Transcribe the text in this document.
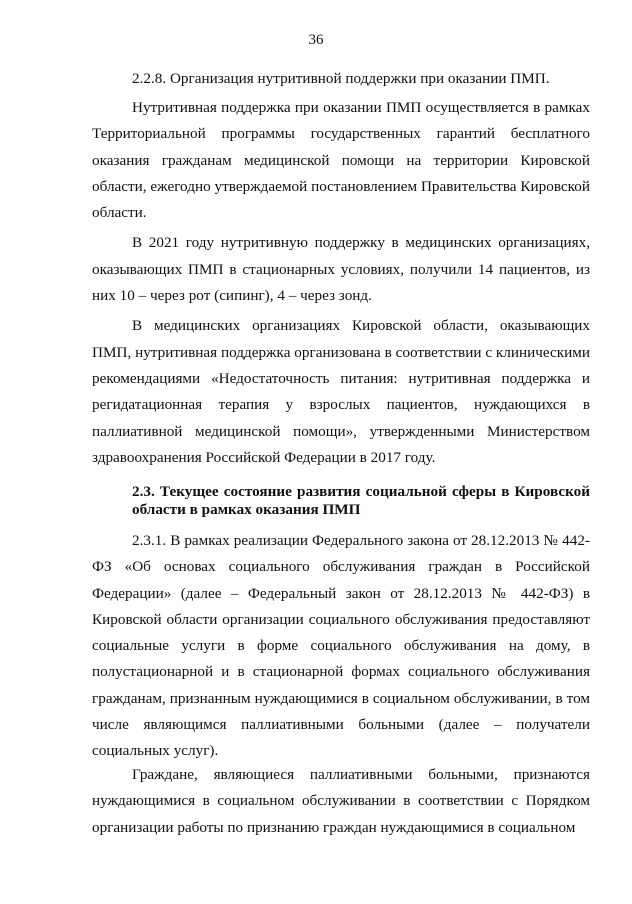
36
2.2.8. Организация нутритивной поддержки при оказании ПМП.

Нутритивная поддержка при оказании ПМП осуществляется в рамках Территориальной программы государственных гарантий бесплатного оказания гражданам медицинской помощи на территории Кировской области, ежегодно утверждаемой постановлением Правительства Кировской области.

В 2021 году нутритивную поддержку в медицинских организациях, оказывающих ПМП в стационарных условиях, получили 14 пациентов, из них 10 – через рот (сипинг), 4 – через зонд.

В медицинских организациях Кировской области, оказывающих ПМП, нутритивная поддержка организована в соответствии с клиническими рекомендациями «Недостаточность питания: нутритивная поддержка и регидатационная терапия у взрослых пациентов, нуждающихся в паллиативной медицинской помощи», утвержденными Министерством здравоохранения Российской Федерации в 2017 году.

2.3. Текущее состояние развития социальной сферы в Кировской области в рамках оказания ПМП

2.3.1. В рамках реализации Федерального закона от 28.12.2013 № 442-ФЗ «Об основах социального обслуживания граждан в Российской Федерации» (далее – Федеральный закон от 28.12.2013 № 442-ФЗ) в Кировской области организации социального обслуживания предоставляют социальные услуги в форме социального обслуживания на дому, в полустационарной и в стационарной формах социального обслуживания гражданам, признанным нуждающимися в социальном обслуживании, в том числе являющимся паллиативными больными (далее – получатели социальных услуг).

Граждане, являющиеся паллиативными больными, признаются нуждающимися в социальном обслуживании в соответствии с Порядком организации работы по признанию граждан нуждающимися в социальном
